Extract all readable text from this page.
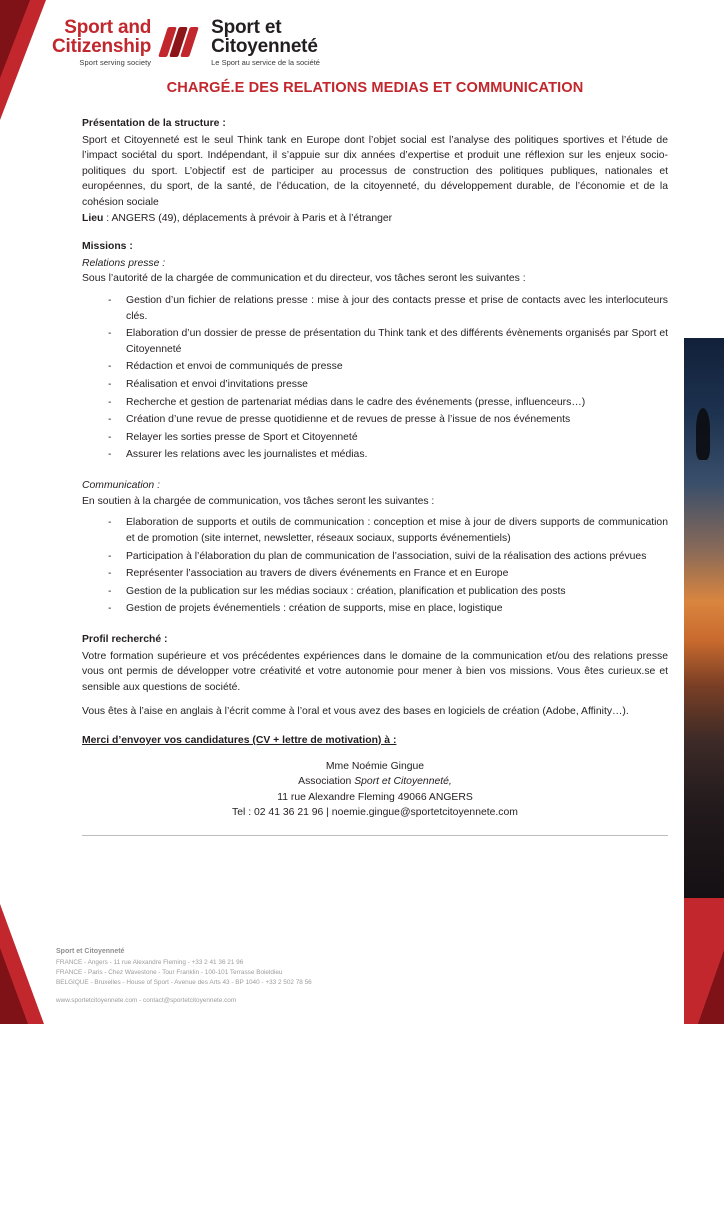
www.sportetcitoyennete.com
Sport and
Citizenship
Sport serving society
Sport et
Citoyenneté
Le Sport au service de la société
CHARGÉ.E DES RELATIONS MEDIAS ET COMMUNICATION
Présentation de la structure :

Sport et Citoyenneté est le seul Think tank en Europe dont l’objet social est l’analyse des politiques sportives et l’étude de l’impact sociétal du sport. Indépendant, il s’appuie sur dix années d’expertise et produit une réflexion sur les enjeux socio-politiques du sport. L’objectif est de participer au processus de construction des politiques publiques, nationales et européennes, du sport, de la santé, de l’éducation, de la citoyenneté, du développement durable, de l’économie et de la cohésion sociale

Lieu : ANGERS (49), déplacements à prévoir à Paris et à l’étranger

Missions :
Relations presse :

Sous l’autorité de la chargée de communication et du directeur, vos tâches seront les suivantes :

- Gestion d’un fichier de relations presse : mise à jour des contacts presse et prise de contacts avec les interlocuteurs clés.
- Elaboration d’un dossier de presse de présentation du Think tank et des différents évènements organisés par Sport et Citoyenneté
- Rédaction et envoi de communiqués de presse
- Réalisation et envoi d’invitations presse
- Recherche et gestion de partenariat médias dans le cadre des événements (presse, influenceurs…)
- Création d’une revue de presse quotidienne et de revues de presse à l’issue de nos événements
- Relayer les sorties presse de Sport et Citoyenneté
- Assurer les relations avec les journalistes et médias.
Communication :

En soutien à la chargée de communication, vos tâches seront les suivantes :

- Elaboration de supports et outils de communication : conception et mise à jour de divers supports de communication et de promotion (site internet, newsletter, réseaux sociaux, supports événementiels)
- Participation à l’élaboration du plan de communication de l’association, suivi de la réalisation des actions prévues
- Représenter l’association au travers de divers événements en France et en Europe
- Gestion de la publication sur les médias sociaux : création, planification et publication des posts
- Gestion de projets événementiels : création de supports, mise en place, logistique
Profil recherché :

Votre formation supérieure et vos précédentes expériences dans le domaine de la communication et/ou des relations presse vous ont permis de développer votre créativité et votre autonomie pour mener à bien vos missions. Vous êtes curieux.se et sensible aux questions de société.

Vous êtes à l’aise en anglais à l’écrit comme à l’oral et vous avez des bases en logiciels de création (Adobe, Affinity…).

Merci d’envoyer vos candidatures (CV + lettre de motivation) à :
Mme Noémie Gingue
Association Sport et Citoyenneté,
11 rue Alexandre Fleming 49066 ANGERS
Tel : 02 41 36 21 96 | noemie.gingue@sportetcitoyennete.com
Sport et Citoyenneté
FRANCE - Angers - 11 rue Alexandre Fleming - +33 2 41 36 21 96
FRANCE - Paris - Chez Wavestone - Tour Franklin - 100-101 Terrasse Boieldieu
BELGIQUE - Bruxelles - House of Sport - Avenue des Arts 43 - BP 1040 - +33 2 502 78 56
www.sportetcitoyennete.com - contact@sportetcitoyennete.com
